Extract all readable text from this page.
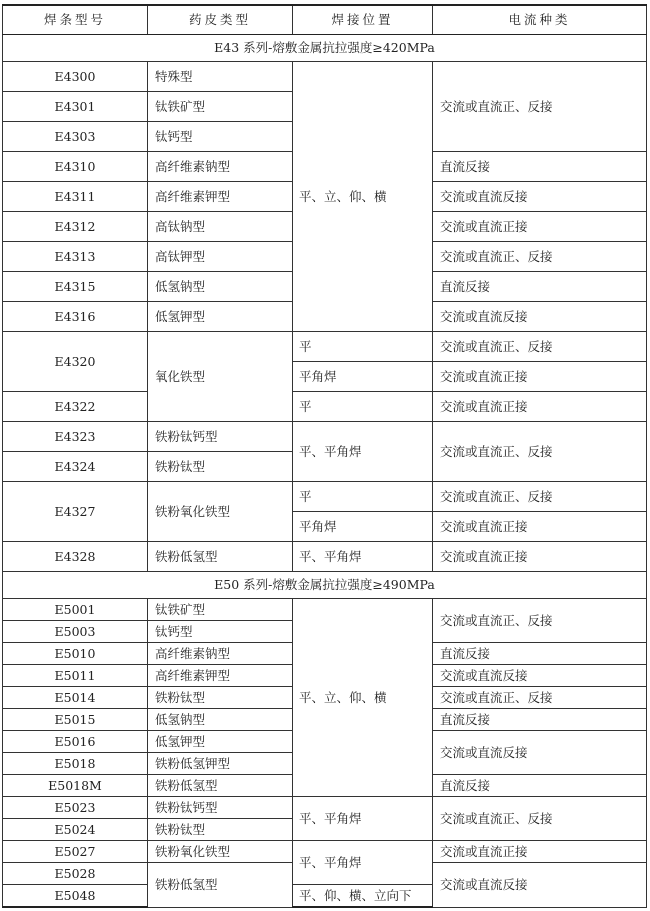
焊条型号	药皮类型	焊接位置	电流种类
E43 系列-熔敷金属抗拉强度≥420MPa			
E4300	特殊型	平、立、仰、横	交流或直流正、反接
E4301	钛铁矿型		
E4303	钛钙型		
E4310	高纤维素钠型		直流反接
E4311	高纤维素钾型		交流或直流反接
E4312	高钛钠型		交流或直流正接
E4313	高钛钾型		交流或直流正、反接
E4315	低氢钠型		直流反接
E4316	低氢钾型		交流或直流反接
E4320	氧化铁型	平	交流或直流正、反接
		平角焊	交流或直流正接
E4322		平	交流或直流正接
E4323	铁粉钛钙型	平、平角焊	交流或直流正、反接
E4324	铁粉钛型		
E4327	铁粉氧化铁型	平	交流或直流正、反接
		平角焊	交流或直流正接
E4328	铁粉低氢型	平、平角焊	交流或直流正接
E50 系列-熔敷金属抗拉强度≥490MPa			
E5001	钛铁矿型	平、立、仰、横	交流或直流正、反接
E5003	钛钙型		
E5010	高纤维素钠型		直流反接
E5011	高纤维素钾型		交流或直流反接
E5014	铁粉钛型		交流或直流正、反接
E5015	低氢钠型		直流反接
E5016	低氢钾型		交流或直流反接
E5018	铁粉低氢钾型		
E5018M	铁粉低氢型		直流反接
E5023	铁粉钛钙型	平、平角焊	交流或直流正、反接
E5024	铁粉钛型		
E5027	铁粉氧化铁型	平、平角焊	交流或直流正接
E5028	铁粉低氢型		交流或直流反接
E5048		平、仰、横、立向下	
